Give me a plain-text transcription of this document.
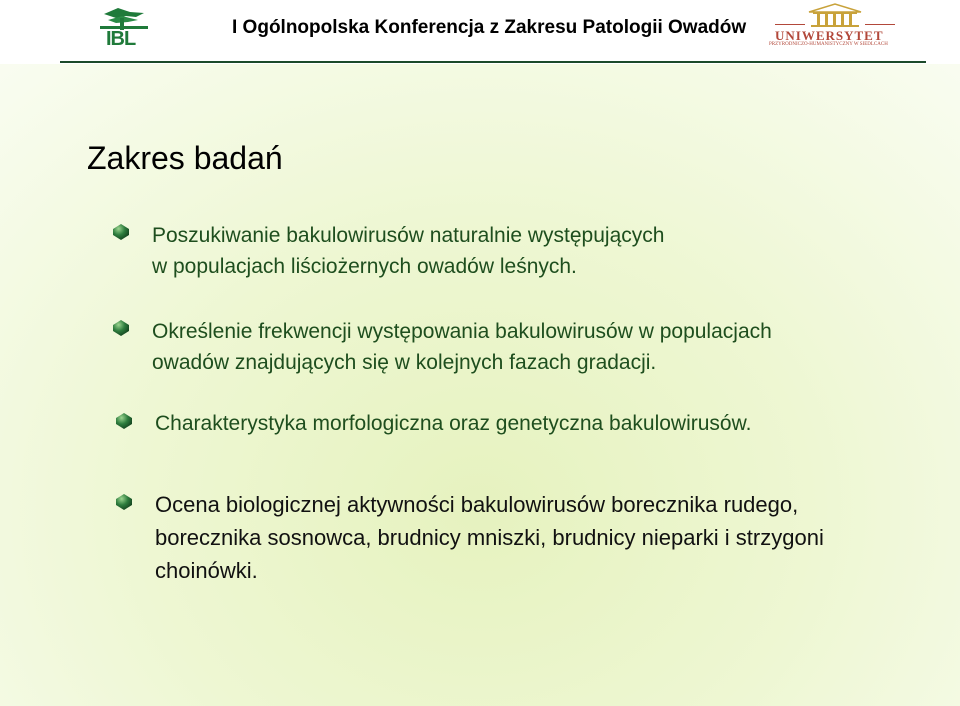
IBL
I Ogólnopolska Konferencja z Zakresu Patologii Owadów UNIWERSYTET
PRZYRODNICZO-HUMANISTYCZNY W SIEDLCACH
Zakres badań
Poszukiwanie bakulowirusów naturalnie występujących
w populacjach liściożernych owadów leśnych.
Określenie frekwencji występowania bakulowirusów w populacjach
owadów znajdujących się w kolejnych fazach gradacji.
Charakterystyka morfologiczna oraz genetyczna bakulowirusów.
Ocena biologicznej aktywności bakulowirusów borecznika rudego,
borecznika sosnowca, brudnicy mniszki, brudnicy nieparki i strzygoni
choinówki.
